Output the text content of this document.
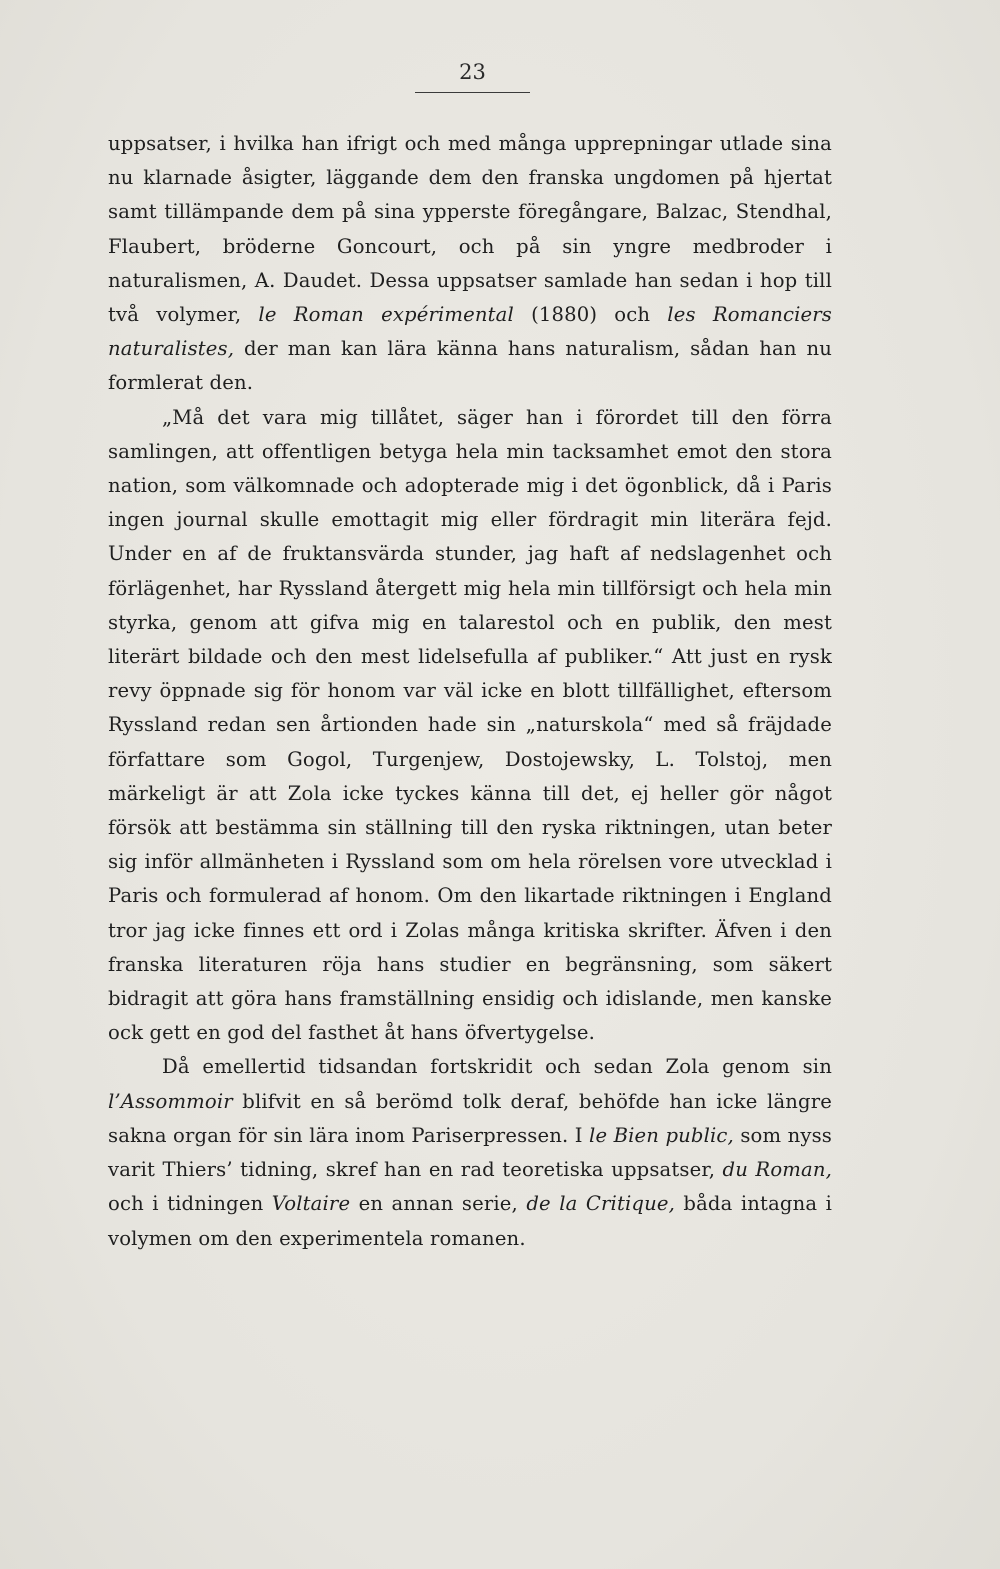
23

uppsatser, i hvilka han ifrigt och med många upprepningar utlade sina nu klarnade åsigter, läggande dem den franska ungdomen på hjertat samt tillämpande dem på sina ypperste föregångare, Balzac, Stendhal, Flaubert, bröderne Goncourt, och på sin yngre medbroder i naturalismen, A. Daudet. Dessa uppsatser samlade han sedan i hop till två volymer, le Roman expérimental (1880) och les Romanciers naturalistes, der man kan lära känna hans naturalism, sådan han nu formlerat den.

„Må det vara mig tillåtet, säger han i förordet till den förra samlingen, att offentligen betyga hela min tacksamhet emot den stora nation, som välkomnade och adopterade mig i det ögonblick, då i Paris ingen journal skulle emottagit mig eller fördragit min literära fejd. Under en af de fruktansvärda stunder, jag haft af nedslagenhet och förlägenhet, har Ryssland återgett mig hela min tillförsigt och hela min styrka, genom att gifva mig en talarestol och en publik, den mest literärt bildade och den mest lidelsefulla af publiker.“ Att just en rysk revy öppnade sig för honom var väl icke en blott tillfällighet, eftersom Ryssland redan sen årtionden hade sin „naturskola“ med så fräjdade författare som Gogol, Turgenjew, Dostojewsky, L. Tolstoj, men märkeligt är att Zola icke tyckes känna till det, ej heller gör något försök att bestämma sin ställning till den ryska riktningen, utan beter sig inför allmänheten i Ryssland som om hela rörelsen vore utvecklad i Paris och formulerad af honom. Om den likartade riktningen i England tror jag icke finnes ett ord i Zolas många kritiska skrifter. Äfven i den franska literaturen röja hans studier en begränsning, som säkert bidragit att göra hans framställning ensidig och idislande, men kanske ock gett en god del fasthet åt hans öfvertygelse.

Då emellertid tidsandan fortskridit och sedan Zola genom sin l’Assommoir blifvit en så berömd tolk deraf, behöfde han icke längre sakna organ för sin lära inom Pariserpressen. I le Bien public, som nyss varit Thiers’ tidning, skref han en rad teoretiska uppsatser, du Roman, och i tidningen Voltaire en annan serie, de la Critique, båda intagna i volymen om den experimentela romanen.
